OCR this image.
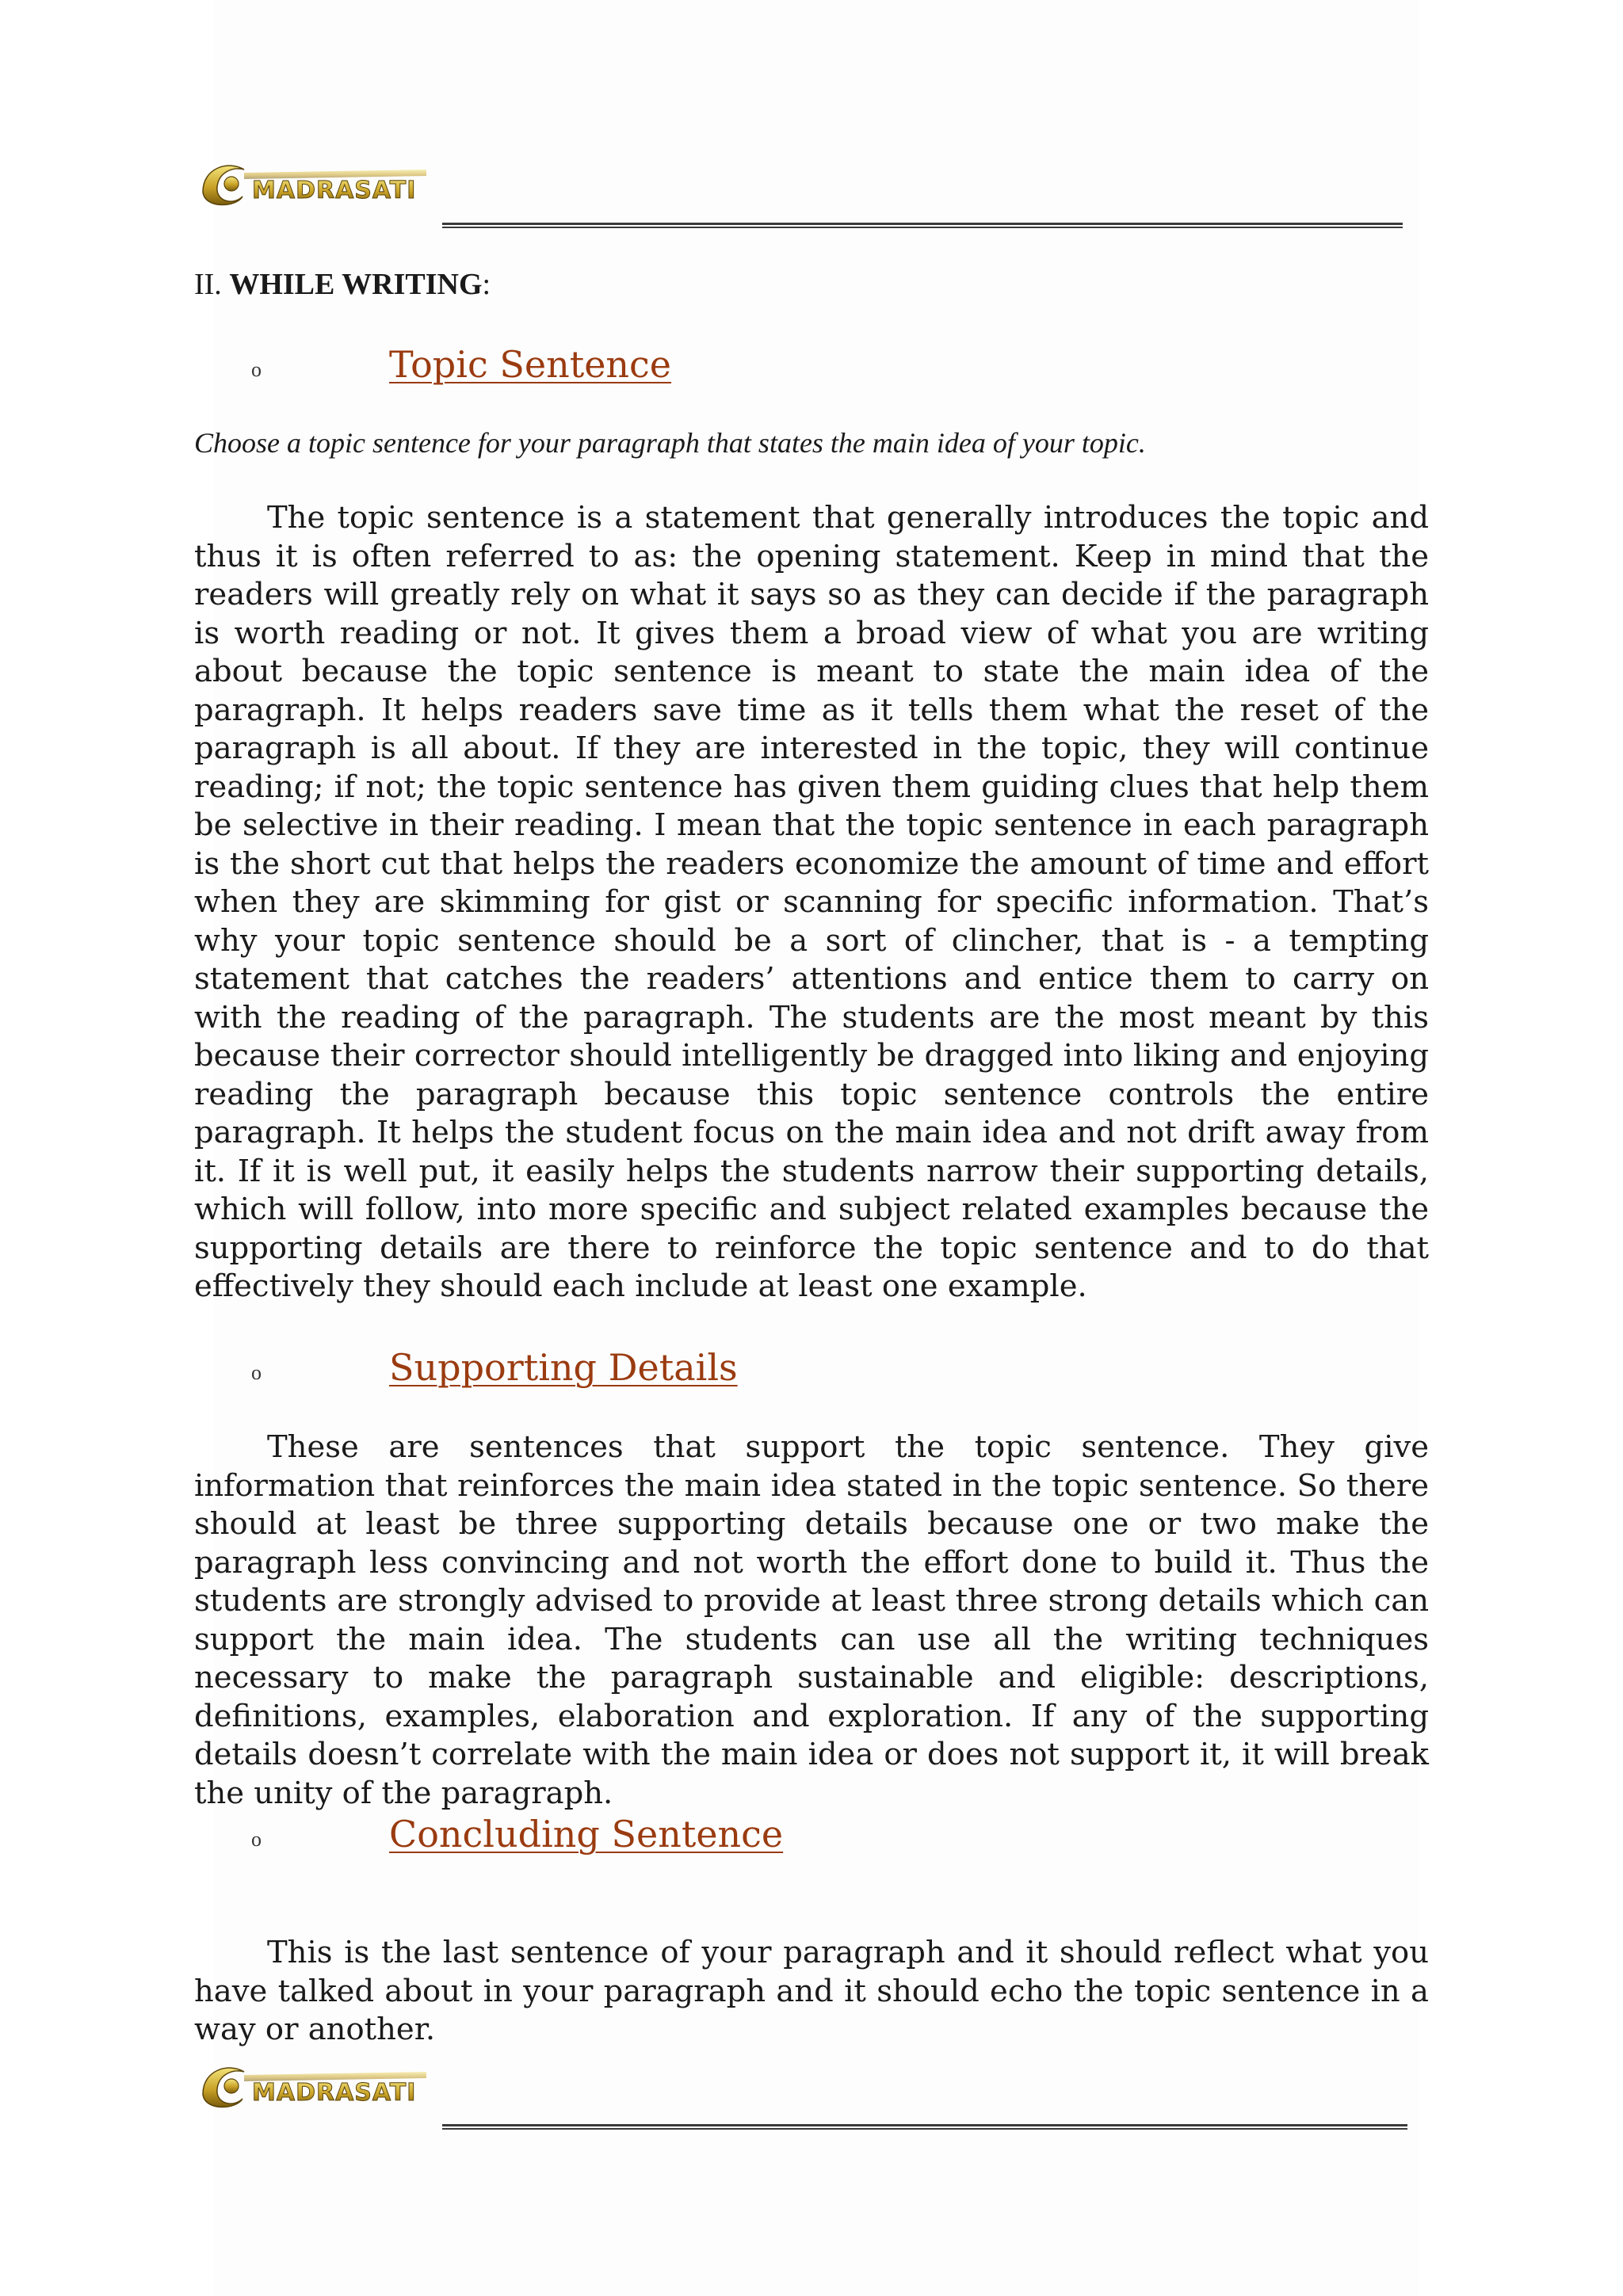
MADRASATI
II. WHILE WRITING:
o	Topic Sentence
Choose a topic sentence for your paragraph that states the main idea of your topic.

The topic sentence is a statement that generally introduces the topic and thus it is often referred to as: the opening statement. Keep in mind that the readers will greatly rely on what it says so as they can decide if the paragraph is worth reading or not. It gives them a broad view of what you are writing about because the topic sentence is meant to state the main idea of the paragraph. It helps readers save time as it tells them what the reset of the paragraph is all about. If they are interested in the topic, they will continue reading; if not; the topic sentence has given them guiding clues that help them be selective in their reading. I mean that the topic sentence in each paragraph is the short cut that helps the readers economize the amount of time and effort when they are skimming for gist or scanning for specific information. That’s why your topic sentence should be a sort of clincher, that is - a tempting statement that catches the readers’ attentions and entice them to carry on with the reading of the paragraph. The students are the most meant by this because their corrector should intelligently be dragged into liking and enjoying reading the paragraph because this topic sentence controls the entire paragraph. It helps the student focus on the main idea and not drift away from it. If it is well put, it easily helps the students narrow their supporting details, which will follow, into more specific and subject related examples because the supporting details are there to reinforce the topic sentence and to do that effectively they should each include at least one example.

o	Supporting Details

These are sentences that support the topic sentence. They give information that reinforces the main idea stated in the topic sentence. So there should at least be three supporting details because one or two make the paragraph less convincing and not worth the effort done to build it. Thus the students are strongly advised to provide at least three strong details which can support the main idea. The students can use all the writing techniques necessary to make the paragraph sustainable and eligible: descriptions, definitions, examples, elaboration and exploration. If any of the supporting details doesn’t correlate with the main idea or does not support it, it will break the unity of the paragraph.

o	Concluding Sentence

This is the last sentence of your paragraph and it should reflect what you have talked about in your paragraph and it should echo the topic sentence in a way or another.

MADRASATI
